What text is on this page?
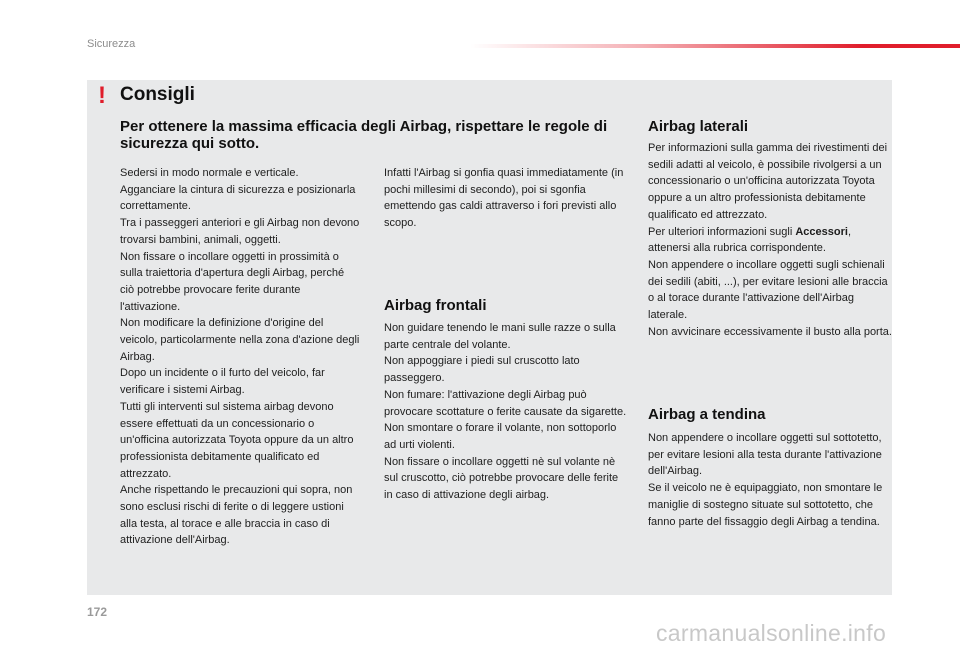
Sicurezza
! Consigli
Per ottenere la massima efficacia degli Airbag, rispettare le regole di sicurezza qui sotto.

Sedersi in modo normale e verticale.

Agganciare la cintura di sicurezza e posizionarla correttamente.

Tra i passeggeri anteriori e gli Airbag non devono trovarsi bambini, animali, oggetti.

Non fissare o incollare oggetti in prossimità o sulla traiettoria d'apertura degli Airbag, perché ciò potrebbe provocare ferite durante l'attivazione.

Non modificare la definizione d'origine del veicolo, particolarmente nella zona d'azione degli Airbag.

Dopo un incidente o il furto del veicolo, far verificare i sistemi Airbag.

Tutti gli interventi sul sistema airbag devono essere effettuati da un concessionario o un'officina autorizzata Toyota oppure da un altro professionista debitamente qualificato ed attrezzato.

Anche rispettando le precauzioni qui sopra, non sono esclusi rischi di ferite o di leggere ustioni alla testa, al torace e alle braccia in caso di attivazione dell'Airbag.

Infatti l'Airbag si gonfia quasi immediatamente (in pochi millesimi di secondo), poi si sgonfia emettendo gas caldi attraverso i fori previsti allo scopo.

Airbag frontali

Non guidare tenendo le mani sulle razze o sulla parte centrale del volante.

Non appoggiare i piedi sul cruscotto lato passeggero.

Non fumare: l'attivazione degli Airbag può provocare scottature o ferite causate da sigarette.

Non smontare o forare il volante, non sottoporlo ad urti violenti.

Non fissare o incollare oggetti nè sul volante nè sul cruscotto, ciò potrebbe provocare delle ferite in caso di attivazione degli airbag.

Airbag laterali

Per informazioni sulla gamma dei rivestimenti dei sedili adatti al veicolo, è possibile rivolgersi a un concessionario o un'officina autorizzata Toyota oppure a un altro professionista debitamente qualificato ed attrezzato.

Per ulteriori informazioni sugli Accessori, attenersi alla rubrica corrispondente.

Non appendere o incollare oggetti sugli schienali dei sedili (abiti, ...), per evitare lesioni alle braccia o al torace durante l'attivazione dell'Airbag laterale.

Non avvicinare eccessivamente il busto alla porta.

Airbag a tendina

Non appendere o incollare oggetti sul sottotetto, per evitare lesioni alla testa durante l'attivazione dell'Airbag.

Se il veicolo ne è equipaggiato, non smontare le maniglie di sostegno situate sul sottotetto, che fanno parte del fissaggio degli Airbag a tendina.

172
carmanualsonline.info
